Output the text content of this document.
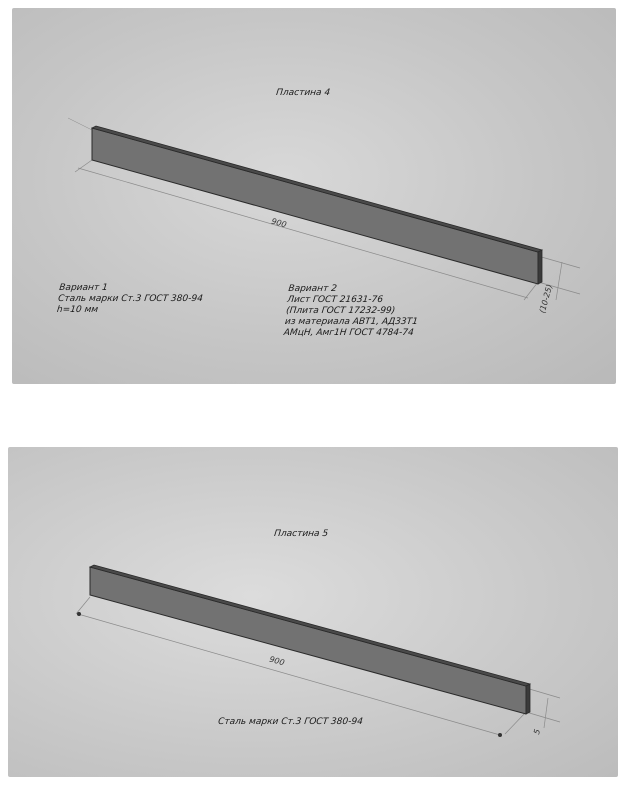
900
(10-25)
900
5
Пластина 4
Вариант 1
Сталь марки Ст.3 ГОСТ 380-94
h=10 мм
Вариант 2
Лист ГОСТ 21631-76
(Плита ГОСТ 17232-99)
из материала АВТ1, АД33Т1
АМцН, Амг1Н ГОСТ 4784-74
Пластина 5
Сталь марки Ст.3 ГОСТ 380-94
